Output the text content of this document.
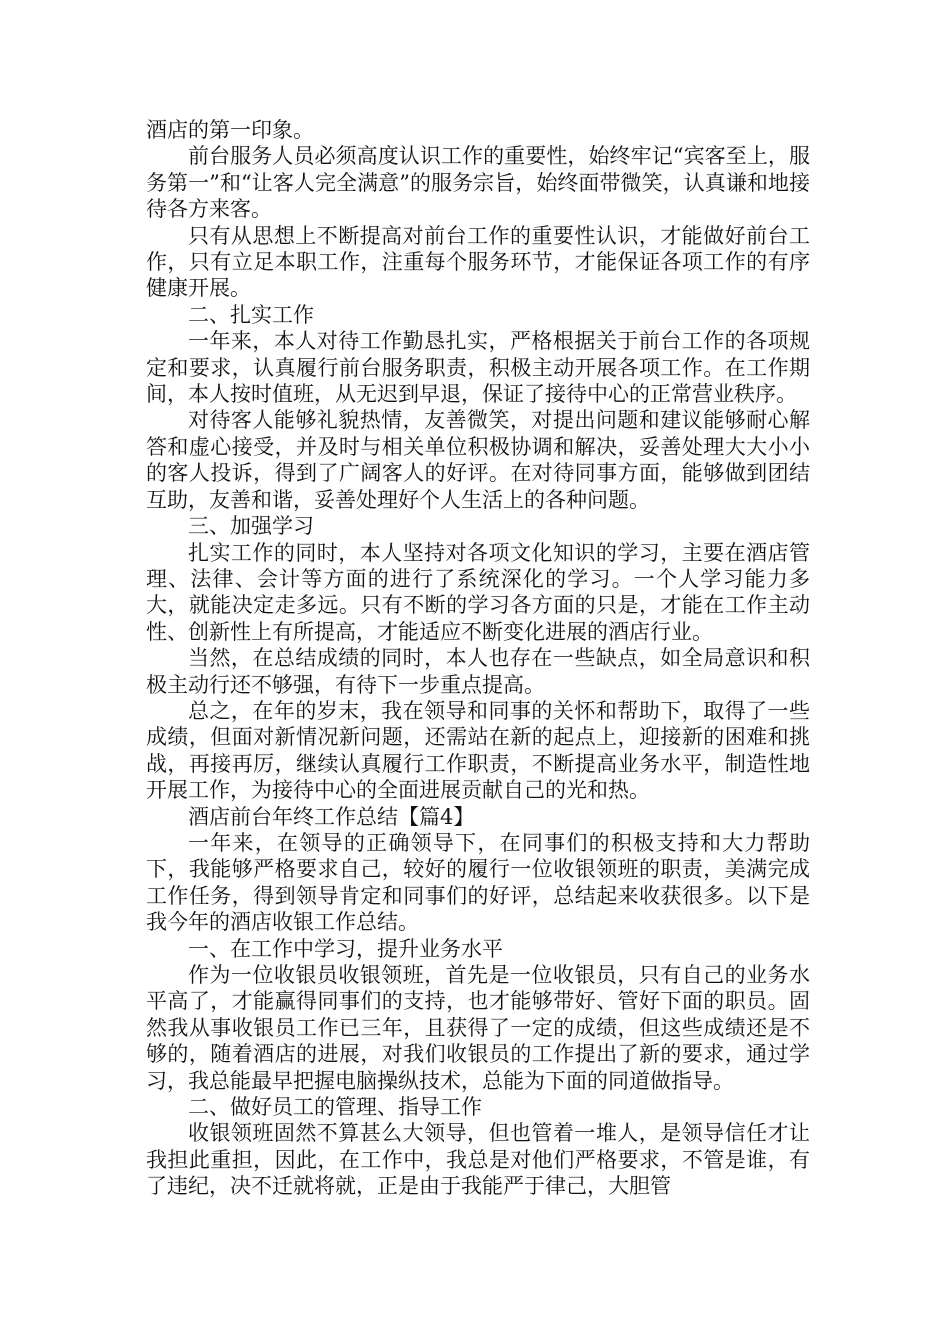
酒店的第一印象。

前台服务人员必须高度认识工作的重要性，始终牢记“宾客至上，服务第一”和“让客人完全满意”的服务宗旨，始终面带微笑，认真谦和地接待各方来客。

只有从思想上不断提高对前台工作的重要性认识，才能做好前台工作，只有立足本职工作，注重每个服务环节，才能保证各项工作的有序健康开展。

二、扎实工作

一年来，本人对待工作勤恳扎实，严格根据关于前台工作的各项规定和要求，认真履行前台服务职责，积极主动开展各项工作。在工作期间，本人按时值班，从无迟到早退，保证了接待中心的正常营业秩序。

对待客人能够礼貌热情，友善微笑，对提出问题和建议能够耐心解答和虚心接受，并及时与相关单位积极协调和解决，妥善处理大大小小的客人投诉，得到了广阔客人的好评。在对待同事方面，能够做到团结互助，友善和谐，妥善处理好个人生活上的各种问题。

三、加强学习

扎实工作的同时，本人坚持对各项文化知识的学习，主要在酒店管理、法律、会计等方面的进行了系统深化的学习。一个人学习能力多大，就能决定走多远。只有不断的学习各方面的只是，才能在工作主动性、创新性上有所提高，才能适应不断变化进展的酒店行业。

当然，在总结成绩的同时，本人也存在一些缺点，如全局意识和积极主动行还不够强，有待下一步重点提高。

总之，在年的岁末，我在领导和同事的关怀和帮助下，取得了一些成绩，但面对新情况新问题，还需站在新的起点上，迎接新的困难和挑战，再接再厉，继续认真履行工作职责，不断提高业务水平，制造性地开展工作，为接待中心的全面进展贡献自己的光和热。

酒店前台年终工作总结【篇4】

一年来，在领导的正确领导下，在同事们的积极支持和大力帮助下，我能够严格要求自己，较好的履行一位收银领班的职责，美满完成工作任务，得到领导肯定和同事们的好评，总结起来收获很多。以下是我今年的酒店收银工作总结。

一、在工作中学习，提升业务水平

作为一位收银员收银领班，首先是一位收银员，只有自己的业务水平高了，才能赢得同事们的支持，也才能够带好、管好下面的职员。固然我从事收银员工作已三年，且获得了一定的成绩，但这些成绩还是不够的，随着酒店的进展，对我们收银员的工作提出了新的要求，通过学习，我总能最早把握电脑操纵技术，总能为下面的同道做指导。

二、做好员工的管理、指导工作

收银领班固然不算甚么大领导，但也管着一堆人，是领导信任才让我担此重担，因此，在工作中，我总是对他们严格要求，不管是谁，有了违纪，决不迁就将就，正是由于我能严于律己，大胆管
